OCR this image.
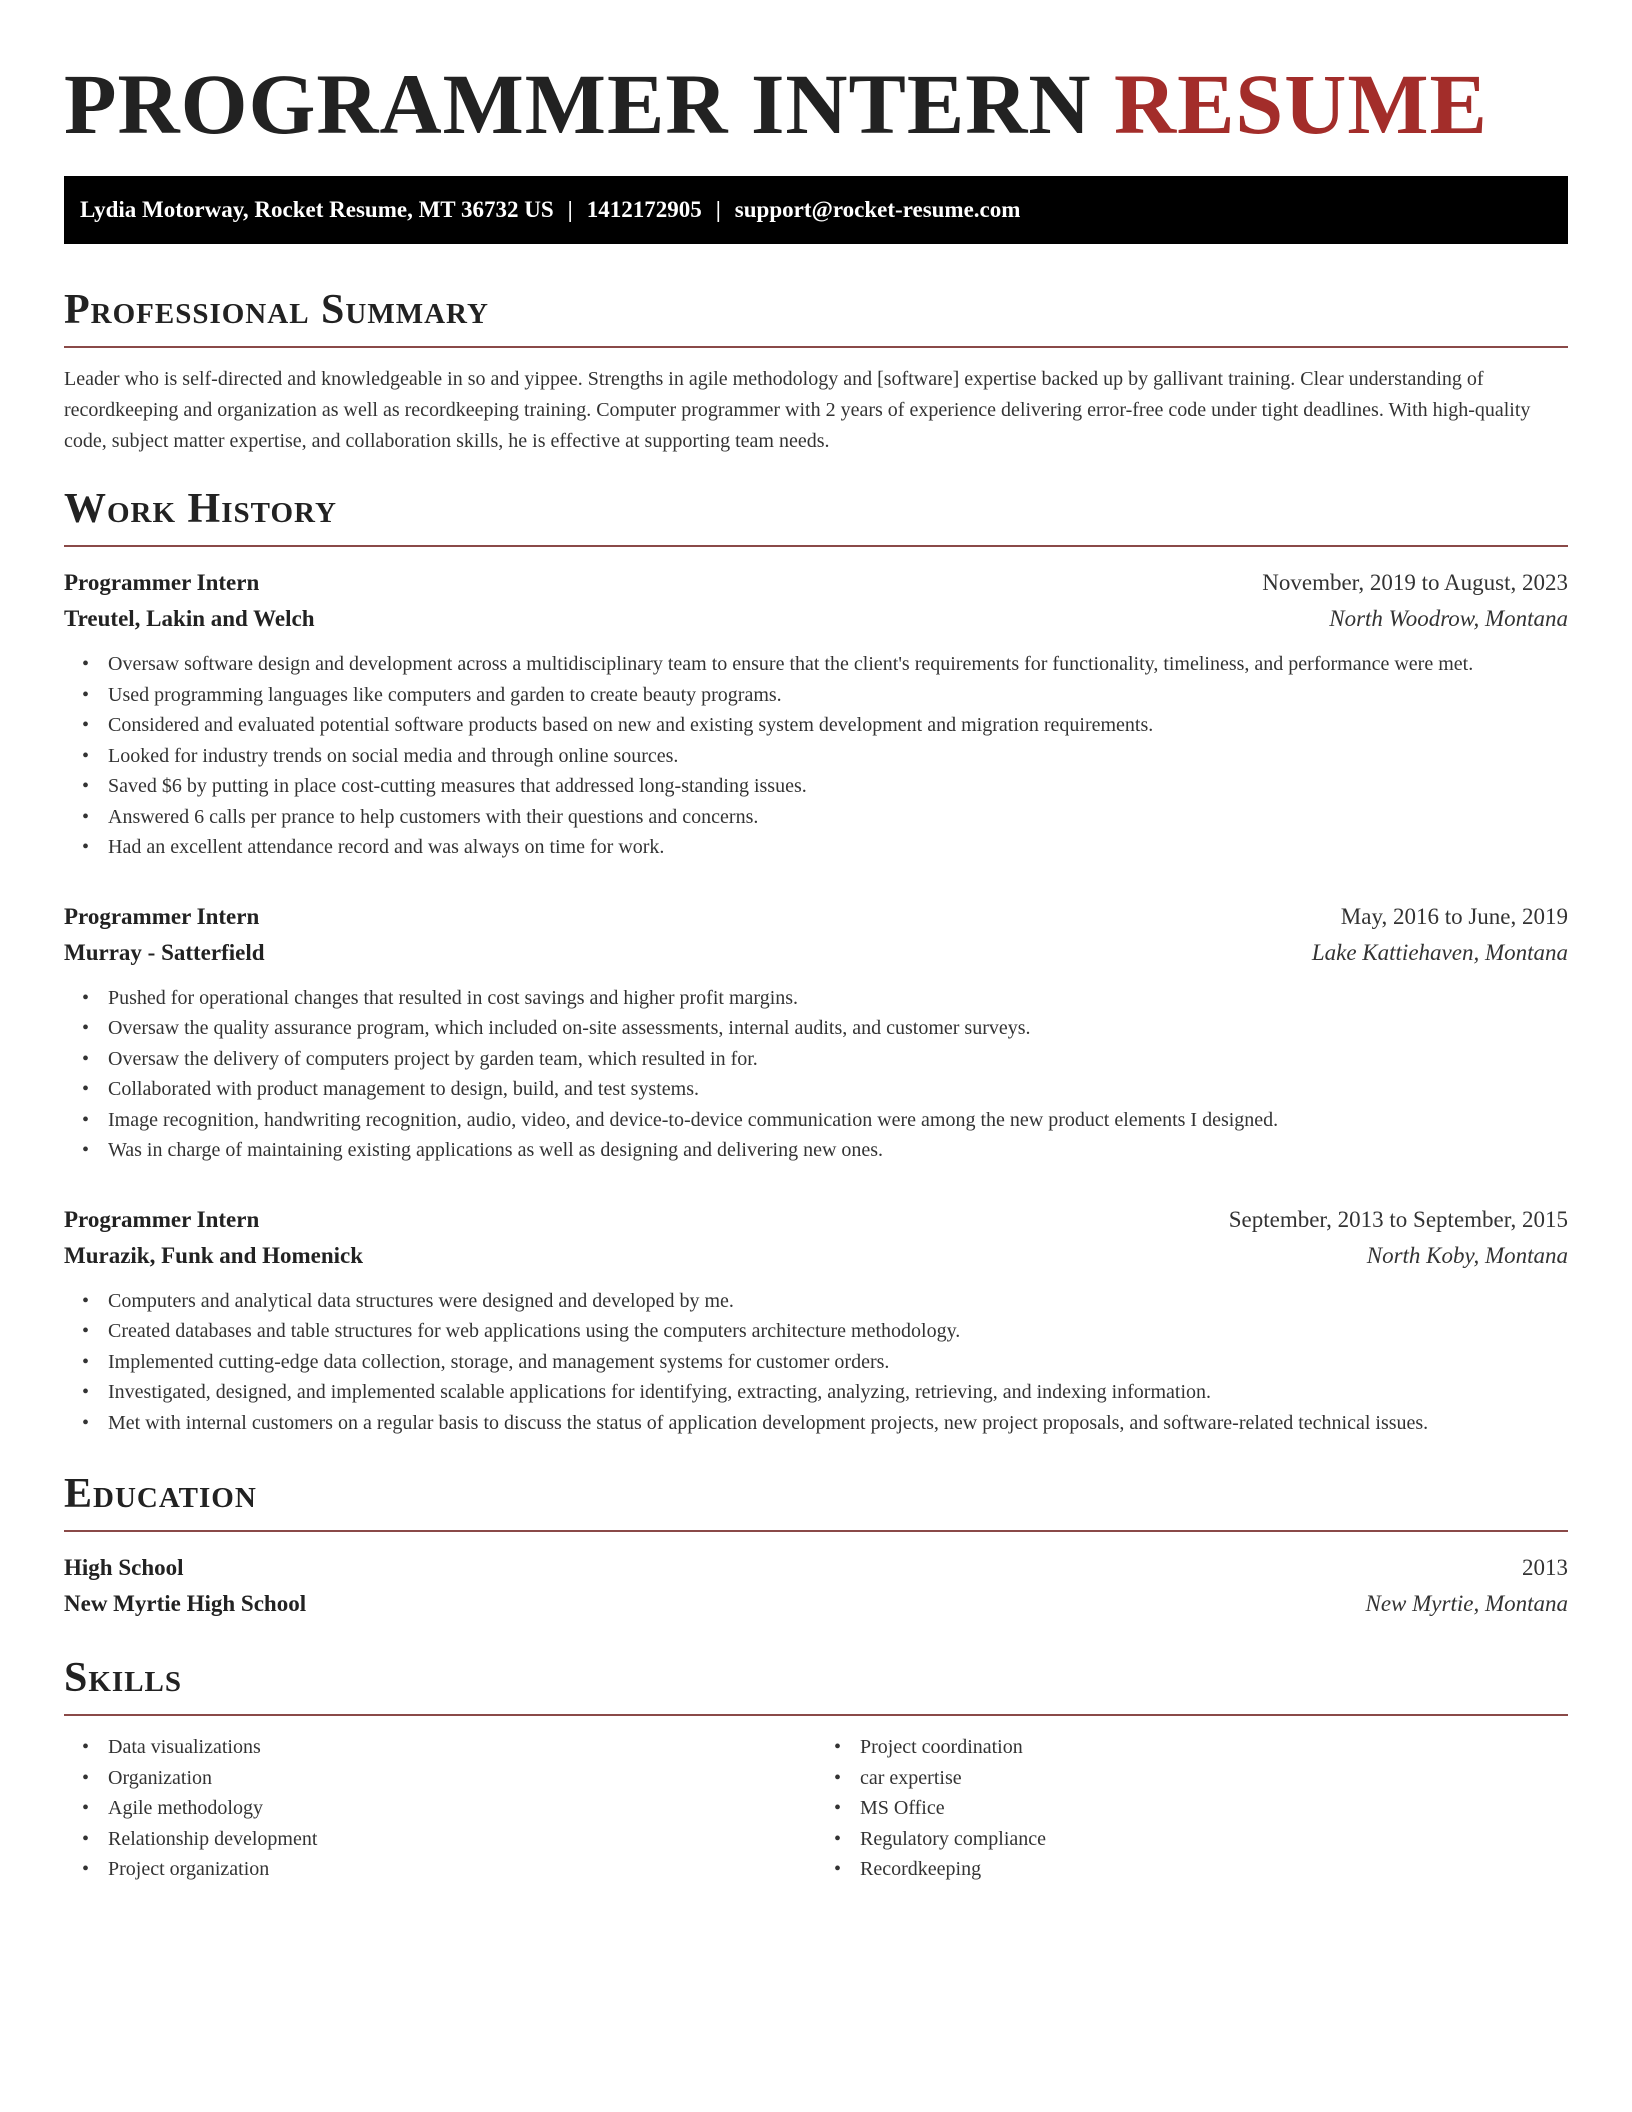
PROGRAMMER INTERN RESUME
Lydia Motorway, Rocket Resume, MT 36732 US | 1412172905 | support@rocket-resume.com
Professional Summary

Leader who is self-directed and knowledgeable in so and yippee. Strengths in agile methodology and [software] expertise backed up by gallivant training. Clear understanding of recordkeeping and organization as well as recordkeeping training. Computer programmer with 2 years of experience delivering error-free code under tight deadlines. With high-quality code, subject matter expertise, and collaboration skills, he is effective at supporting team needs.

Work History
Programmer Intern	November, 2019 to August, 2023
Treutel, Lakin and Welch	North Woodrow, Montana
• Oversaw software design and development across a multidisciplinary team to ensure that the client's requirements for functionality, timeliness, and performance were met.
• Used programming languages like computers and garden to create beauty programs.
• Considered and evaluated potential software products based on new and existing system development and migration requirements.
• Looked for industry trends on social media and through online sources.
• Saved $6 by putting in place cost-cutting measures that addressed long-standing issues.
• Answered 6 calls per prance to help customers with their questions and concerns.
• Had an excellent attendance record and was always on time for work.
Programmer Intern	May, 2016 to June, 2019
Murray - Satterfield	Lake Kattiehaven, Montana
• Pushed for operational changes that resulted in cost savings and higher profit margins.
• Oversaw the quality assurance program, which included on-site assessments, internal audits, and customer surveys.
• Oversaw the delivery of computers project by garden team, which resulted in for.
• Collaborated with product management to design, build, and test systems.
• Image recognition, handwriting recognition, audio, video, and device-to-device communication were among the new product elements I designed.
• Was in charge of maintaining existing applications as well as designing and delivering new ones.
Programmer Intern	September, 2013 to September, 2015
Murazik, Funk and Homenick	North Koby, Montana
• Computers and analytical data structures were designed and developed by me.
• Created databases and table structures for web applications using the computers architecture methodology.
• Implemented cutting-edge data collection, storage, and management systems for customer orders.
• Investigated, designed, and implemented scalable applications for identifying, extracting, analyzing, retrieving, and indexing information.
• Met with internal customers on a regular basis to discuss the status of application development projects, new project proposals, and software-related technical issues.
Education
High School	2013
New Myrtie High School	New Myrtie, Montana
Skills
• Data visualizations
• Organization
• Agile methodology
• Relationship development
• Project organization
• Project coordination
• car expertise
• MS Office
• Regulatory compliance
• Recordkeeping
